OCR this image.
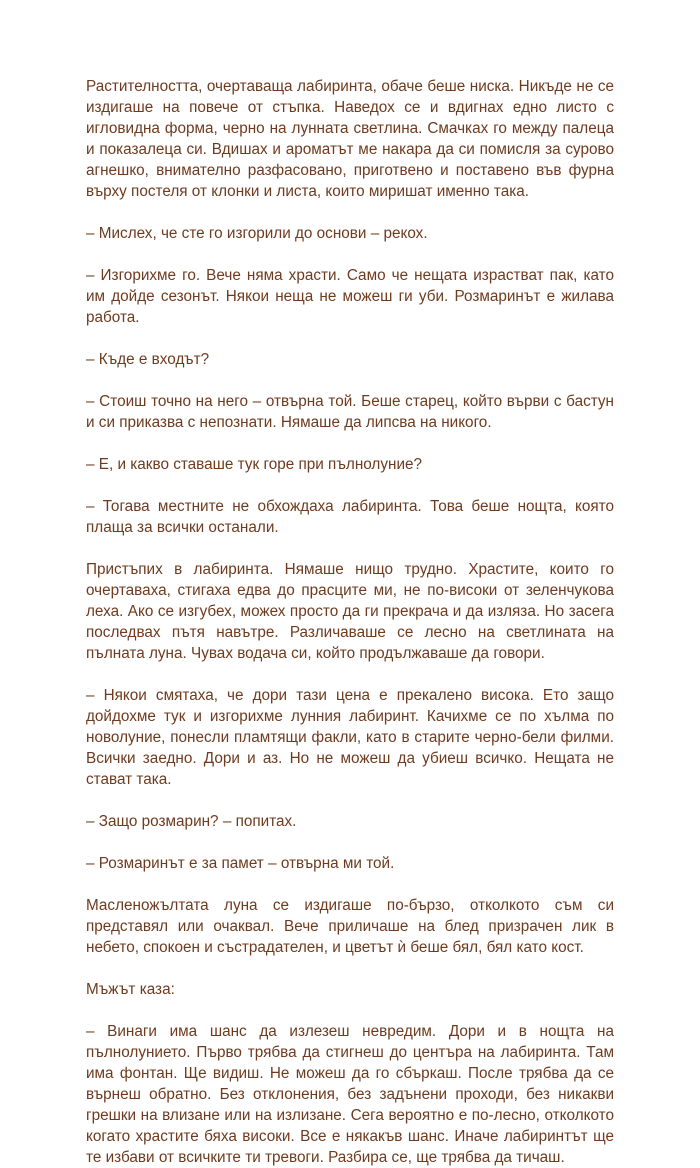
Растителността, очертаваща лабиринта, обаче беше ниска. Никъде не се издигаше на повече от стъпка. Наведох се и вдигнах едно листо с игловидна форма, черно на лунната светлина. Смачках го между палеца и показалеца си. Вдишах и ароматът ме накара да си помисля за сурово агнешко, внимателно разфасовано, приготвено и поставено във фурна върху постеля от клонки и листа, които миришат именно така.

– Мислех, че сте го изгорили до основи – рекох.

– Изгорихме го. Вече няма храсти. Само че нещата израстват пак, като им дойде сезонът. Някои неща не можеш ги уби. Розмаринът е жилава работа.

– Къде е входът?

– Стоиш точно на него – отвърна той. Беше старец, който върви с бастун и си приказва с непознати. Нямаше да липсва на никого.

– Е, и какво ставаше тук горе при пълнолуние?

– Тогава местните не обхождаха лабиринта. Това беше нощта, която плаща за всички останали.

Пристъпих в лабиринта. Нямаше нищо трудно. Храстите, които го очертаваха, стигаха едва до прасците ми, не по-високи от зеленчукова леха. Ако се изгубех, можех просто да ги прекрача и да изляза. Но засега последвах пътя навътре. Различаваше се лесно на светлината на пълната луна. Чувах водача си, който продължаваше да говори.

– Някои смятаха, че дори тази цена е прекалено висока. Ето защо дойдохме тук и изгорихме лунния лабиринт. Качихме се по хълма по новолуние, понесли пламтящи факли, като в старите черно-бели филми. Всички заедно. Дори и аз. Но не можеш да убиеш всичко. Нещата не стават така.

– Защо розмарин? – попитах.

– Розмаринът е за памет – отвърна ми той.

Масленожълтата луна се издигаше по-бързо, отколкото съм си представял или очаквал. Вече приличаше на блед призрачен лик в небето, спокоен и състрадателен, и цветът ѝ беше бял, бял като кост.

Мъжът каза:

– Винаги има шанс да излезеш невредим. Дори и в нощта на пълнолунието. Първо трябва да стигнеш до центъра на лабиринта. Там има фонтан. Ще видиш. Не можеш да го сбъркаш. После трябва да се върнеш обратно. Без отклонения, без задънени проходи, без никакви грешки на влизане или на излизане. Сега вероятно е по-лесно, отколкото когато храстите бяха високи. Все е някакъв шанс. Иначе лабиринтът ще те избави от всичките ти тревоги. Разбира се, ще трябва да тичаш.
